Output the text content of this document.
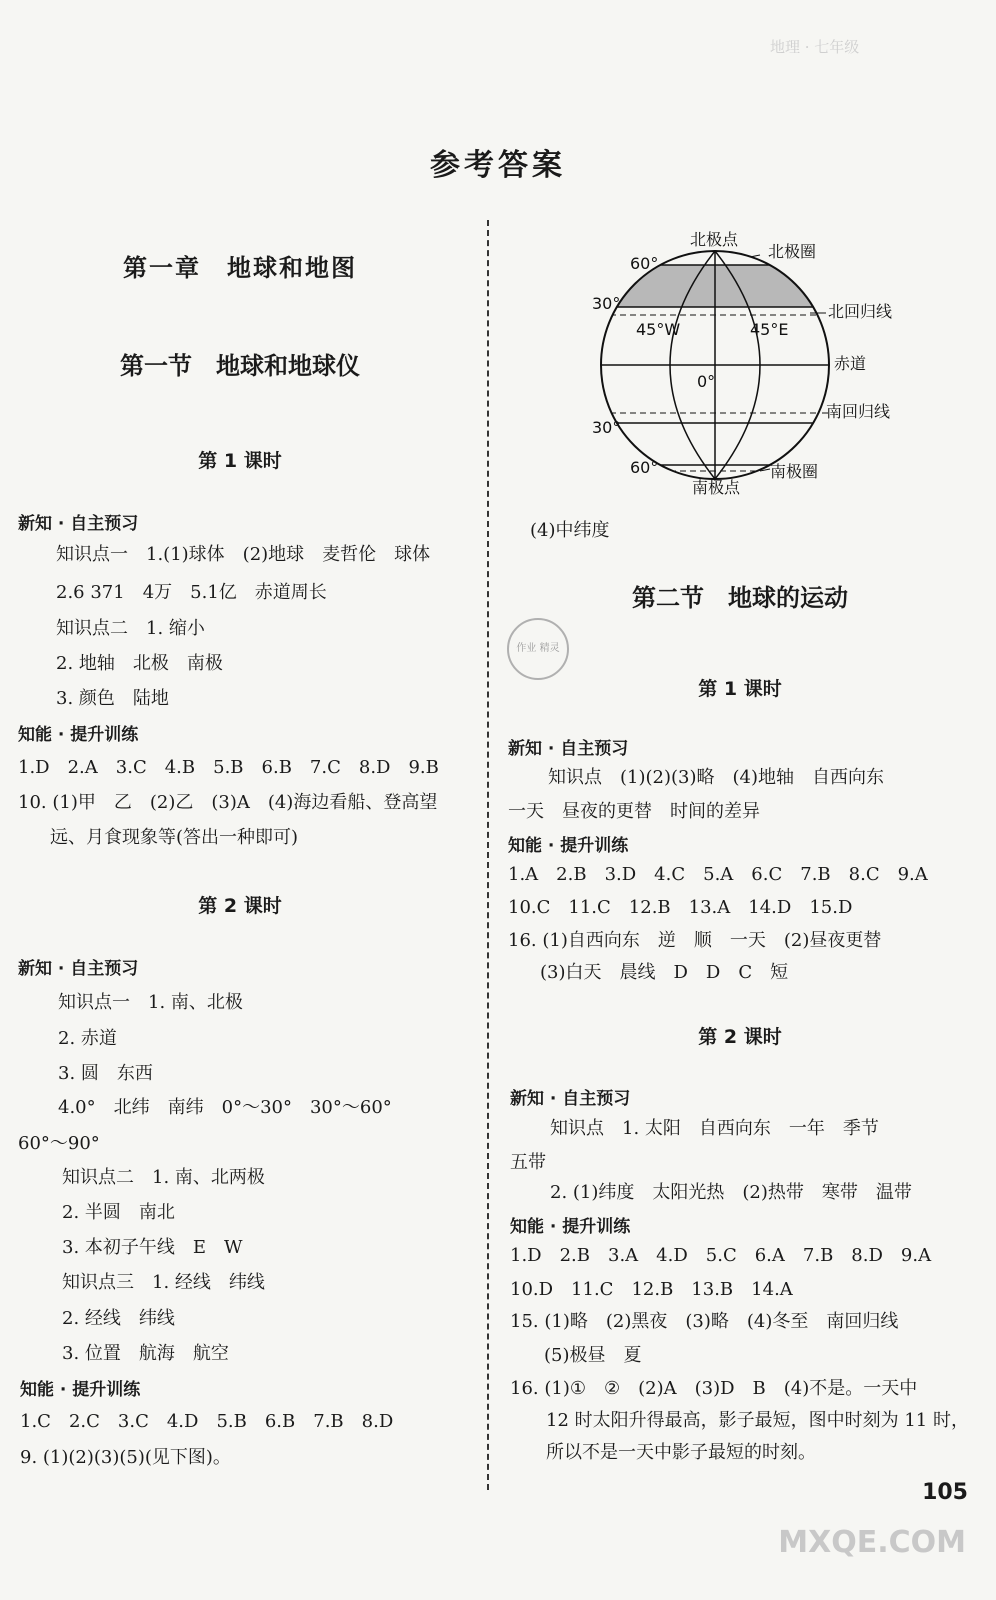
地理 · 七年级
参考答案
第一章　地球和地图
第一节　地球和地球仪
第 1 课时
新知 · 自主预习
知识点一　1.(1)球体　(2)地球　麦哲伦　球体
2.6 371　4万　5.1亿　赤道周长
知识点二　1. 缩小
2. 地轴　北极　南极
3. 颜色　陆地
知能 · 提升训练
1.D　2.A　3.C　4.B　5.B　6.B　7.C　8.D　9.B
10. (1)甲　乙　(2)乙　(3)A　(4)海边看船、登高望
远、月食现象等(答出一种即可)
第 2 课时
新知 · 自主预习
知识点一　1. 南、北极
2. 赤道
3. 圆　东西
4.0°　北纬　南纬　0°～30°　30°～60°
60°～90°
知识点二　1. 南、北两极
2. 半圆　南北
3. 本初子午线　E　W
知识点三　1. 经线　纬线
2. 经线　纬线
3. 位置　航海　航空
知能 · 提升训练
1.C　2.C　3.C　4.D　5.B　6.B　7.B　8.D
9. (1)(2)(3)(5)(见下图)。
北极点
北极圈
北回归线
赤道
南回归线
南极圈
南极点
60°
30°
30°
60°
45°W	45°E
0°
(4)中纬度
第二节　地球的运动
作业 精灵
第 1 课时
新知 · 自主预习
知识点　(1)(2)(3)略　(4)地轴　自西向东
一天　昼夜的更替　时间的差异
知能 · 提升训练
1.A　2.B　3.D　4.C　5.A　6.C　7.B　8.C　9.A
10.C　11.C　12.B　13.A　14.D　15.D
16. (1)自西向东　逆　顺　一天　(2)昼夜更替
(3)白天　晨线　D　D　C　短
第 2 课时
新知 · 自主预习
知识点　1. 太阳　自西向东　一年　季节
五带
2. (1)纬度　太阳光热　(2)热带　寒带　温带
知能 · 提升训练
1.D　2.B　3.A　4.D　5.C　6.A　7.B　8.D　9.A
10.D　11.C　12.B　13.B　14.A
15. (1)略　(2)黑夜　(3)略　(4)冬至　南回归线
(5)极昼　夏
16. (1)①　②　(2)A　(3)D　B　(4)不是。一天中
12 时太阳升得最高，影子最短，图中时刻为 11 时，
所以不是一天中影子最短的时刻。
105
MXQE.COM
